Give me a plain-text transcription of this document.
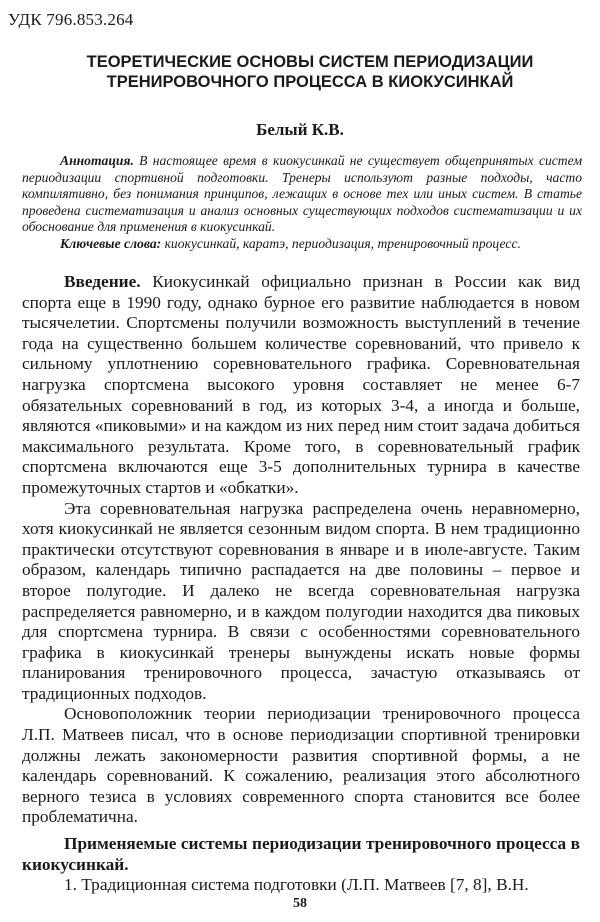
УДК 796.853.264
ТЕОРЕТИЧЕСКИЕ ОСНОВЫ СИСТЕМ ПЕРИОДИЗАЦИИ
ТРЕНИРОВОЧНОГО ПРОЦЕССА В КИОКУСИНКАЙ
Белый К.В.

Аннотация. В настоящее время в киокусинкай не существует общепринятых систем периодизации спортивной подготовки. Тренеры используют разные подходы, часто компилятивно, без понимания принципов, лежащих в основе тех или иных систем. В статье проведена систематизация и анализ основных существующих подходов систематизации и их обоснование для применения в киокусинкай.

Ключевые слова: киокусинкай, каратэ, периодизация, тренировочный процесс.

Введение. Киокусинкай официально признан в России как вид спорта еще в 1990 году, однако бурное его развитие наблюдается в новом тысячелетии. Спортсмены получили возможность выступлений в течение года на существенно большем количестве соревнований, что привело к сильному уплотнению соревновательного графика. Соревновательная нагрузка спортсмена высокого уровня составляет не менее 6-7 обязательных соревнований в год, из которых 3-4, а иногда и больше, являются «пиковыми» и на каждом из них перед ним стоит задача добиться максимального результата. Кроме того, в соревновательный график спортсмена включаются еще 3-5 дополнительных турнира в качестве промежуточных стартов и «обкатки».

Эта соревновательная нагрузка распределена очень неравномерно, хотя киокусинкай не является сезонным видом спорта. В нем традиционно практически отсутствуют соревнования в январе и в июле-августе. Таким образом, календарь типично распадается на две половины – первое и второе полугодие. И далеко не всегда соревновательная нагрузка распределяется равномерно, и в каждом полугодии находится два пиковых для спортсмена турнира. В связи с особенностями соревновательного графика в киокусинкай тренеры вынуждены искать новые формы планирования тренировочного процесса, зачастую отказываясь от традиционных подходов.

Основоположник теории периодизации тренировочного процесса Л.П. Матвеев писал, что в основе периодизации спортивной тренировки должны лежать закономерности развития спортивной формы, а не календарь соревнований. К сожалению, реализация этого абсолютного верного тезиса в условиях современного спорта становится все более проблематична.

Применяемые системы периодизации тренировочного процесса в киокусинкай.

1. Традиционная система подготовки (Л.П. Матвеев [7, 8], В.Н.

58
